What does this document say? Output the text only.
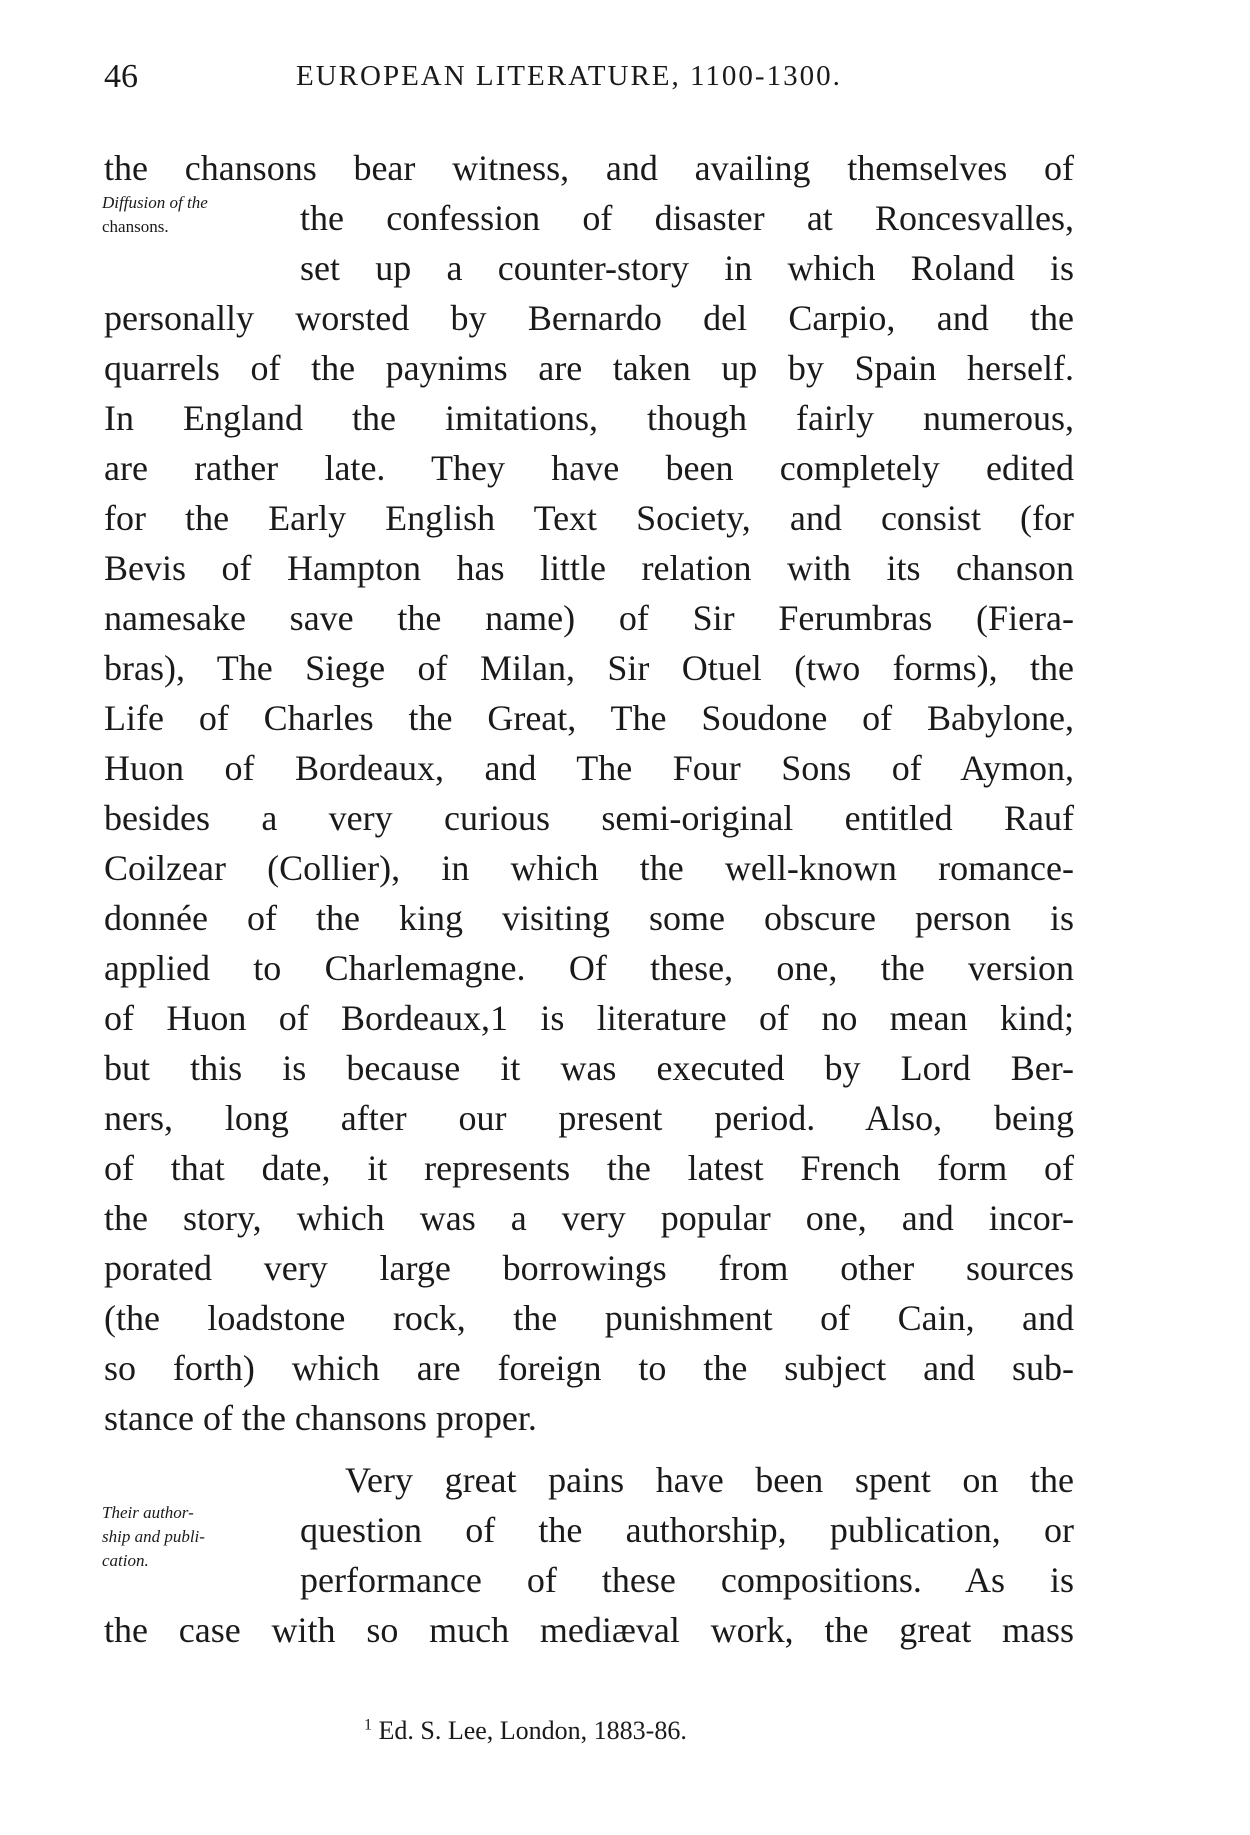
46	EUROPEAN LITERATURE, 1100-1300.
Diffusion of the
chansons.
Their author-
ship and publi-
cation.
the chansons bear witness, and availing themselves of
the confession of disaster at Roncesvalles,
set up a counter-story in which Roland is
personally worsted by Bernardo del Carpio, and the
quarrels of the paynims are taken up by Spain herself.
In England the imitations, though fairly numerous,
are rather late. They have been completely edited
for the Early English Text Society, and consist (for
Bevis of Hampton has little relation with its chanson
namesake save the name) of Sir Ferumbras (Fiera-
bras), The Siege of Milan, Sir Otuel (two forms), the
Life of Charles the Great, The Soudone of Babylone,
Huon of Bordeaux, and The Four Sons of Aymon,
besides a very curious semi-original entitled Rauf
Coilzear (Collier), in which the well-known romance-
donnée of the king visiting some obscure person is
applied to Charlemagne. Of these, one, the version
of Huon of Bordeaux,1 is literature of no mean kind;
but this is because it was executed by Lord Ber-
ners, long after our present period. Also, being
of that date, it represents the latest French form of
the story, which was a very popular one, and incor-
porated very large borrowings from other sources
(the loadstone rock, the punishment of Cain, and
so forth) which are foreign to the subject and sub-
stance of the chansons proper.
Very great pains have been spent on the
question of the authorship, publication, or
performance of these compositions. As is
the case with so much mediæval work, the great mass
$^1$ Ed. S. Lee, London, 1883-86.
